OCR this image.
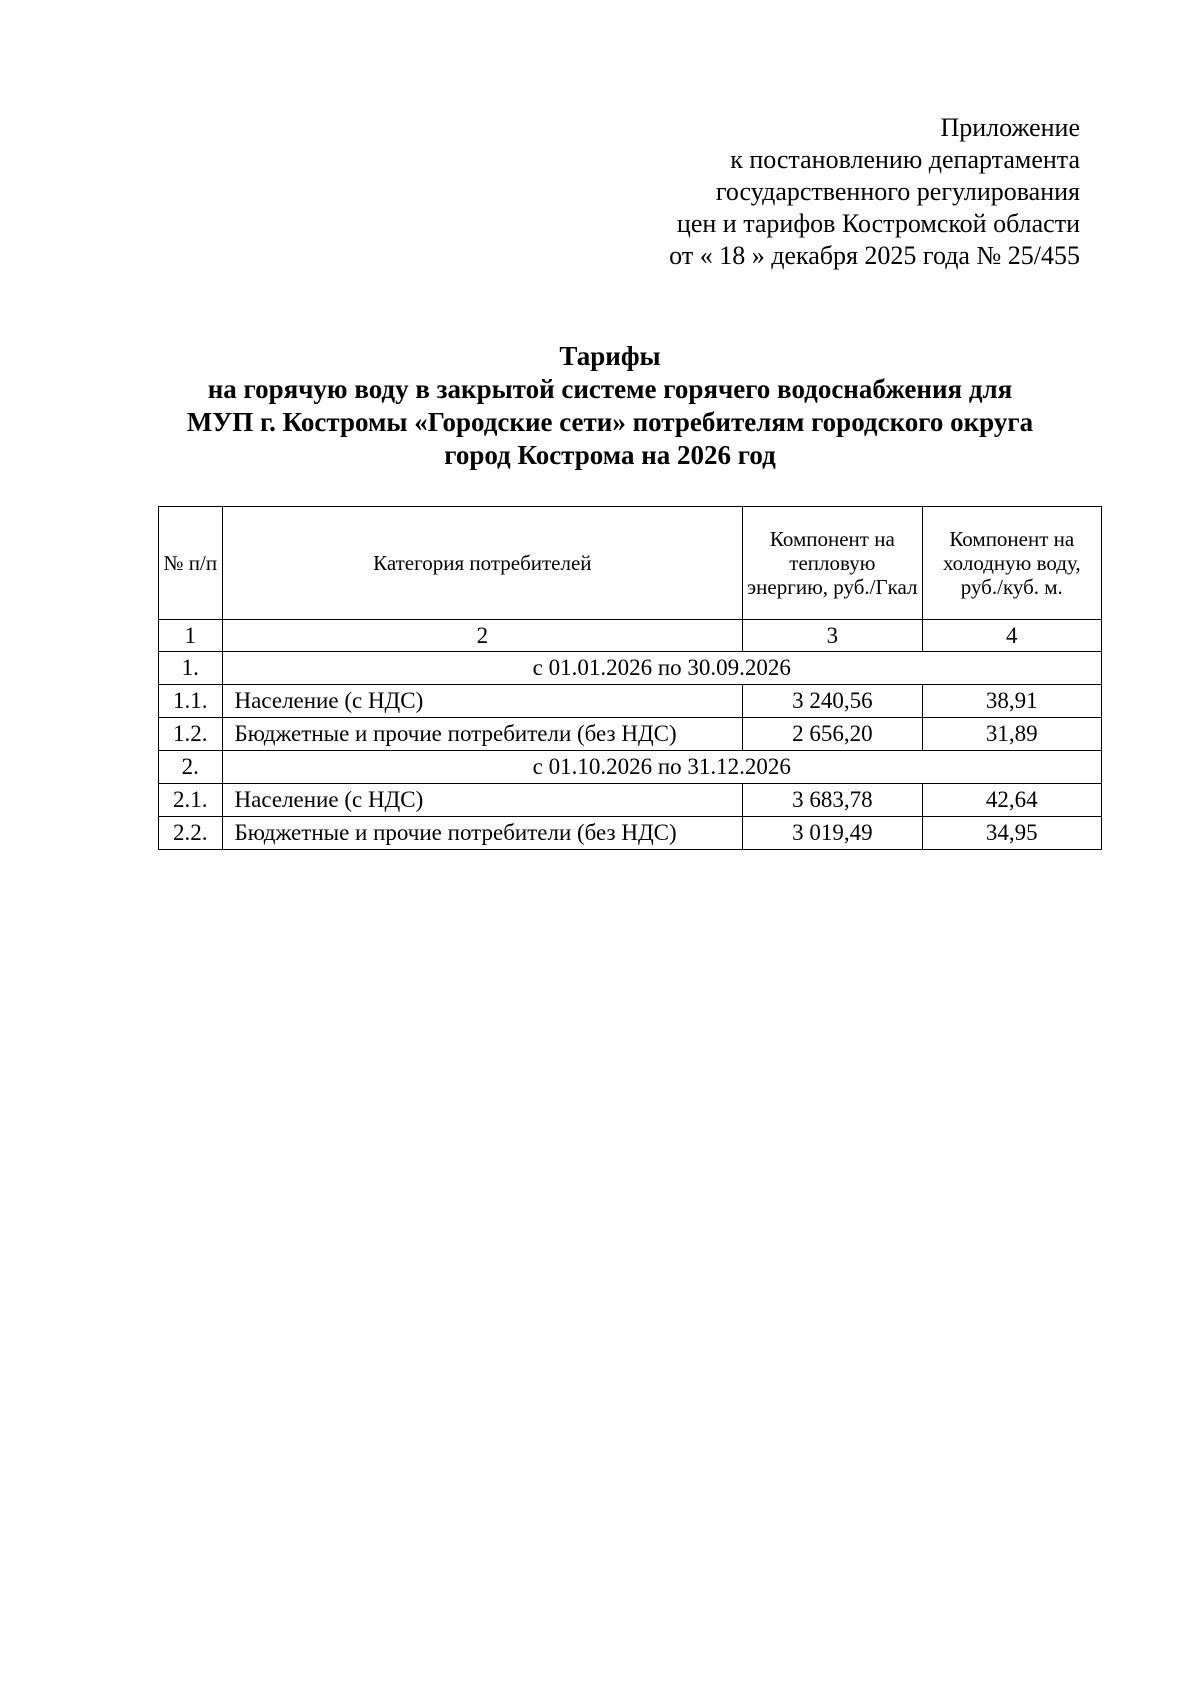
Приложение
к постановлению департамента
государственного регулирования
цен и тарифов Костромской области
от « 18 » декабря 2025 года № 25/455
Тарифы
на горячую воду в закрытой системе горячего водоснабжения для
МУП г. Костромы «Городские сети» потребителям городского округа
город Кострома на 2026 год
№ п/п	Категория потребителей	Компонент на тепловую энергию, руб./Гкал	Компонент на холодную воду, руб./куб. м.
1	2	3	4
1.	с 01.01.2026 по 30.09.2026		
1.1.	Население (с НДС)	3 240,56	38,91
1.2.	Бюджетные и прочие потребители (без НДС)	2 656,20	31,89
2.	с 01.10.2026 по 31.12.2026		
2.1.	Население (с НДС)	3 683,78	42,64
2.2.	Бюджетные и прочие потребители (без НДС)	3 019,49	34,95
